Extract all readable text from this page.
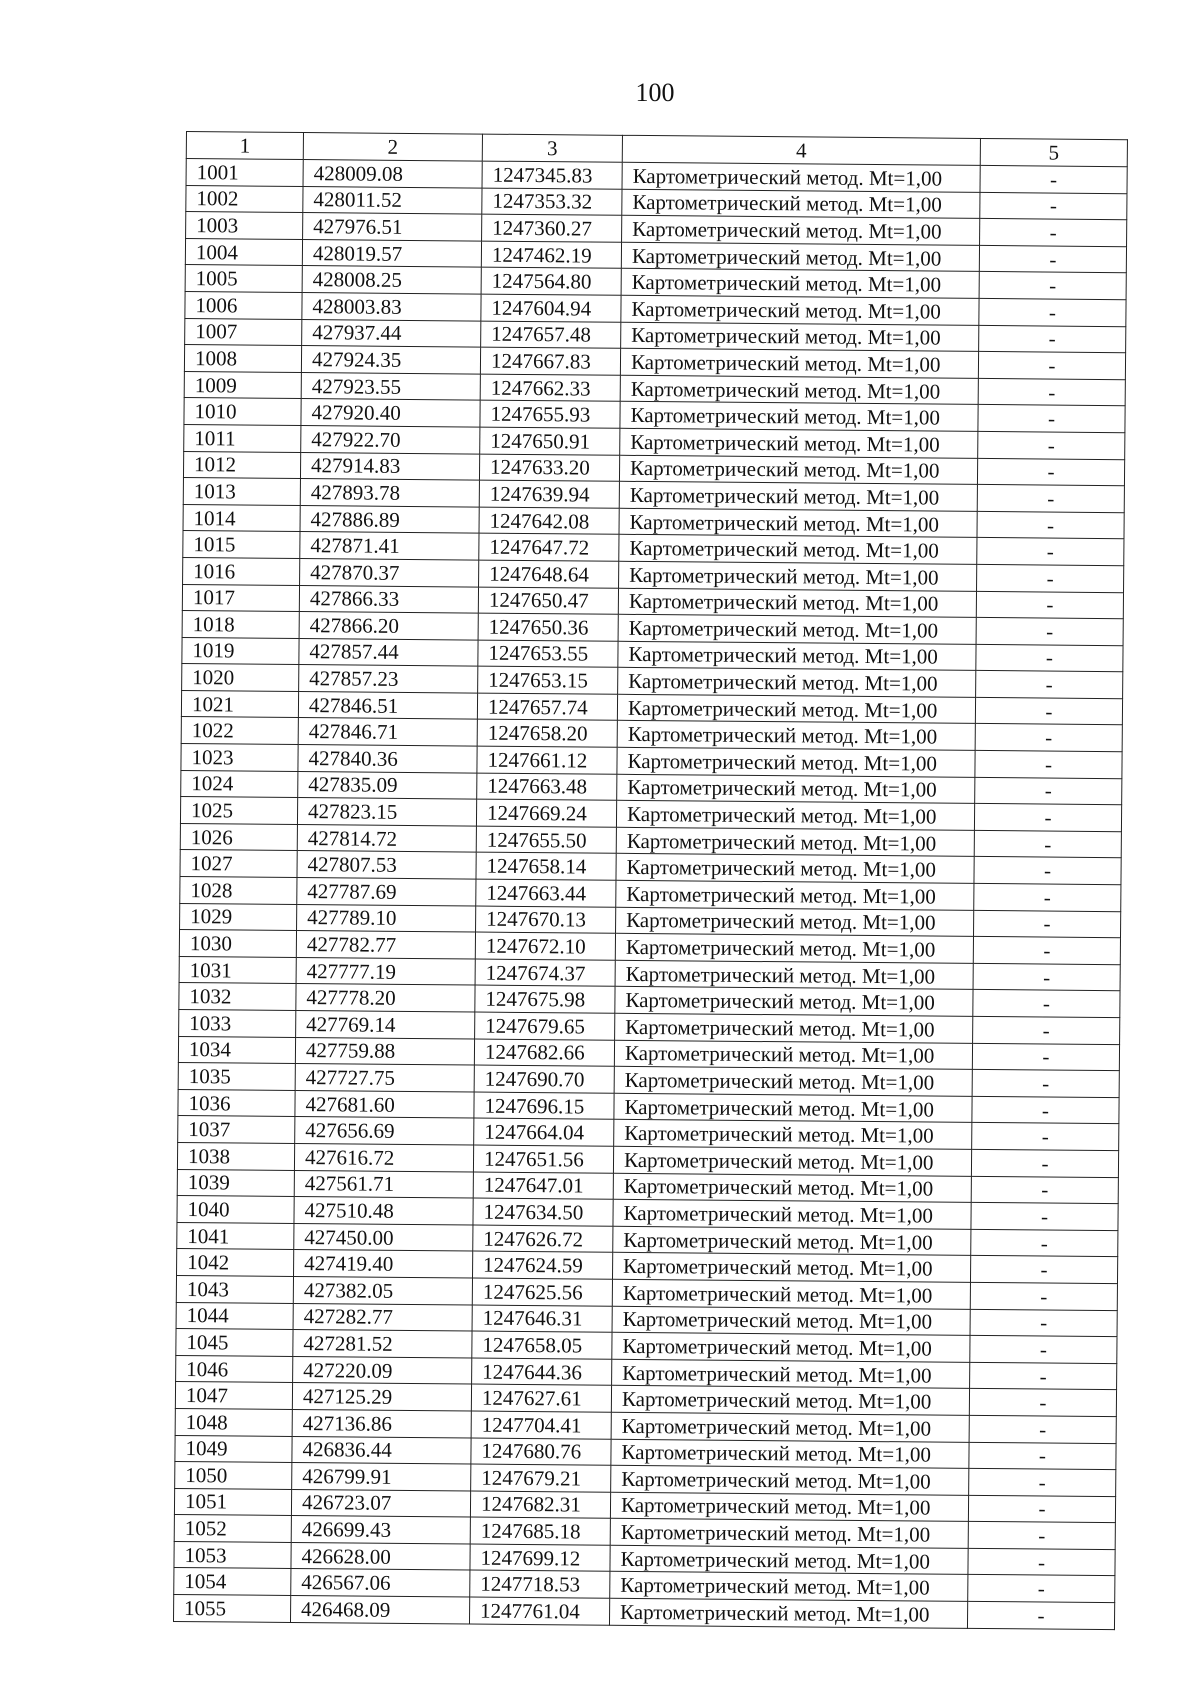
100
1	2	3	4	5
1001	428009.08	1247345.83	Картометрический метод. Mt=1,00	-
1002	428011.52	1247353.32	Картометрический метод. Mt=1,00	-
1003	427976.51	1247360.27	Картометрический метод. Mt=1,00	-
1004	428019.57	1247462.19	Картометрический метод. Mt=1,00	-
1005	428008.25	1247564.80	Картометрический метод. Mt=1,00	-
1006	428003.83	1247604.94	Картометрический метод. Mt=1,00	-
1007	427937.44	1247657.48	Картометрический метод. Mt=1,00	-
1008	427924.35	1247667.83	Картометрический метод. Mt=1,00	-
1009	427923.55	1247662.33	Картометрический метод. Mt=1,00	-
1010	427920.40	1247655.93	Картометрический метод. Mt=1,00	-
1011	427922.70	1247650.91	Картометрический метод. Mt=1,00	-
1012	427914.83	1247633.20	Картометрический метод. Mt=1,00	-
1013	427893.78	1247639.94	Картометрический метод. Mt=1,00	-
1014	427886.89	1247642.08	Картометрический метод. Mt=1,00	-
1015	427871.41	1247647.72	Картометрический метод. Mt=1,00	-
1016	427870.37	1247648.64	Картометрический метод. Mt=1,00	-
1017	427866.33	1247650.47	Картометрический метод. Mt=1,00	-
1018	427866.20	1247650.36	Картометрический метод. Mt=1,00	-
1019	427857.44	1247653.55	Картометрический метод. Mt=1,00	-
1020	427857.23	1247653.15	Картометрический метод. Mt=1,00	-
1021	427846.51	1247657.74	Картометрический метод. Mt=1,00	-
1022	427846.71	1247658.20	Картометрический метод. Mt=1,00	-
1023	427840.36	1247661.12	Картометрический метод. Mt=1,00	-
1024	427835.09	1247663.48	Картометрический метод. Mt=1,00	-
1025	427823.15	1247669.24	Картометрический метод. Mt=1,00	-
1026	427814.72	1247655.50	Картометрический метод. Mt=1,00	-
1027	427807.53	1247658.14	Картометрический метод. Mt=1,00	-
1028	427787.69	1247663.44	Картометрический метод. Mt=1,00	-
1029	427789.10	1247670.13	Картометрический метод. Mt=1,00	-
1030	427782.77	1247672.10	Картометрический метод. Mt=1,00	-
1031	427777.19	1247674.37	Картометрический метод. Mt=1,00	-
1032	427778.20	1247675.98	Картометрический метод. Mt=1,00	-
1033	427769.14	1247679.65	Картометрический метод. Mt=1,00	-
1034	427759.88	1247682.66	Картометрический метод. Mt=1,00	-
1035	427727.75	1247690.70	Картометрический метод. Mt=1,00	-
1036	427681.60	1247696.15	Картометрический метод. Mt=1,00	-
1037	427656.69	1247664.04	Картометрический метод. Mt=1,00	-
1038	427616.72	1247651.56	Картометрический метод. Mt=1,00	-
1039	427561.71	1247647.01	Картометрический метод. Mt=1,00	-
1040	427510.48	1247634.50	Картометрический метод. Mt=1,00	-
1041	427450.00	1247626.72	Картометрический метод. Mt=1,00	-
1042	427419.40	1247624.59	Картометрический метод. Mt=1,00	-
1043	427382.05	1247625.56	Картометрический метод. Mt=1,00	-
1044	427282.77	1247646.31	Картометрический метод. Mt=1,00	-
1045	427281.52	1247658.05	Картометрический метод. Mt=1,00	-
1046	427220.09	1247644.36	Картометрический метод. Mt=1,00	-
1047	427125.29	1247627.61	Картометрический метод. Mt=1,00	-
1048	427136.86	1247704.41	Картометрический метод. Mt=1,00	-
1049	426836.44	1247680.76	Картометрический метод. Mt=1,00	-
1050	426799.91	1247679.21	Картометрический метод. Mt=1,00	-
1051	426723.07	1247682.31	Картометрический метод. Mt=1,00	-
1052	426699.43	1247685.18	Картометрический метод. Mt=1,00	-
1053	426628.00	1247699.12	Картометрический метод. Mt=1,00	-
1054	426567.06	1247718.53	Картометрический метод. Mt=1,00	-
1055	426468.09	1247761.04	Картометрический метод. Mt=1,00	-
